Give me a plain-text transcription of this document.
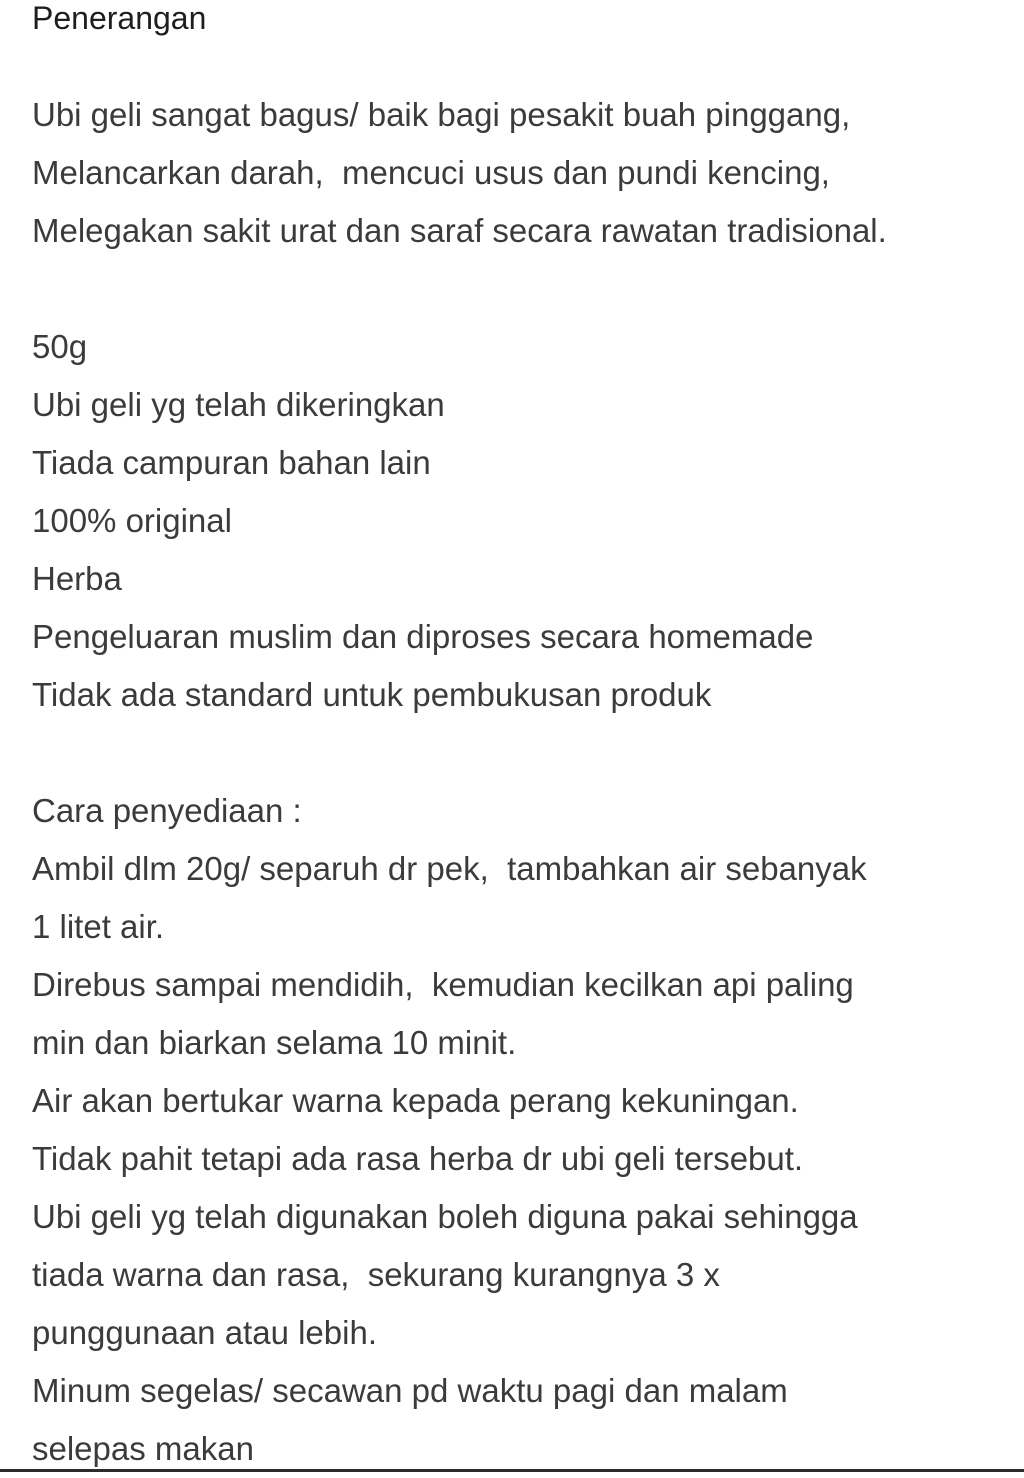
Penerangan
Ubi geli sangat bagus/ baik bagi pesakit buah pinggang,
Melancarkan darah,  mencuci usus dan pundi kencing,
Melegakan sakit urat dan saraf secara rawatan tradisional.
50g
Ubi geli yg telah dikeringkan
Tiada campuran bahan lain
100% original
Herba
Pengeluaran muslim dan diproses secara homemade
Tidak ada standard untuk pembukusan produk
Cara penyediaan :
Ambil dlm 20g/ separuh dr pek,  tambahkan air sebanyak
1 litet air.
Direbus sampai mendidih,  kemudian kecilkan api paling
min dan biarkan selama 10 minit.
Air akan bertukar warna kepada perang kekuningan.
Tidak pahit tetapi ada rasa herba dr ubi geli tersebut.
Ubi geli yg telah digunakan boleh diguna pakai sehingga
tiada warna dan rasa,  sekurang kurangnya 3 x
punggunaan atau lebih.
Minum segelas/ secawan pd waktu pagi dan malam
selepas makan
